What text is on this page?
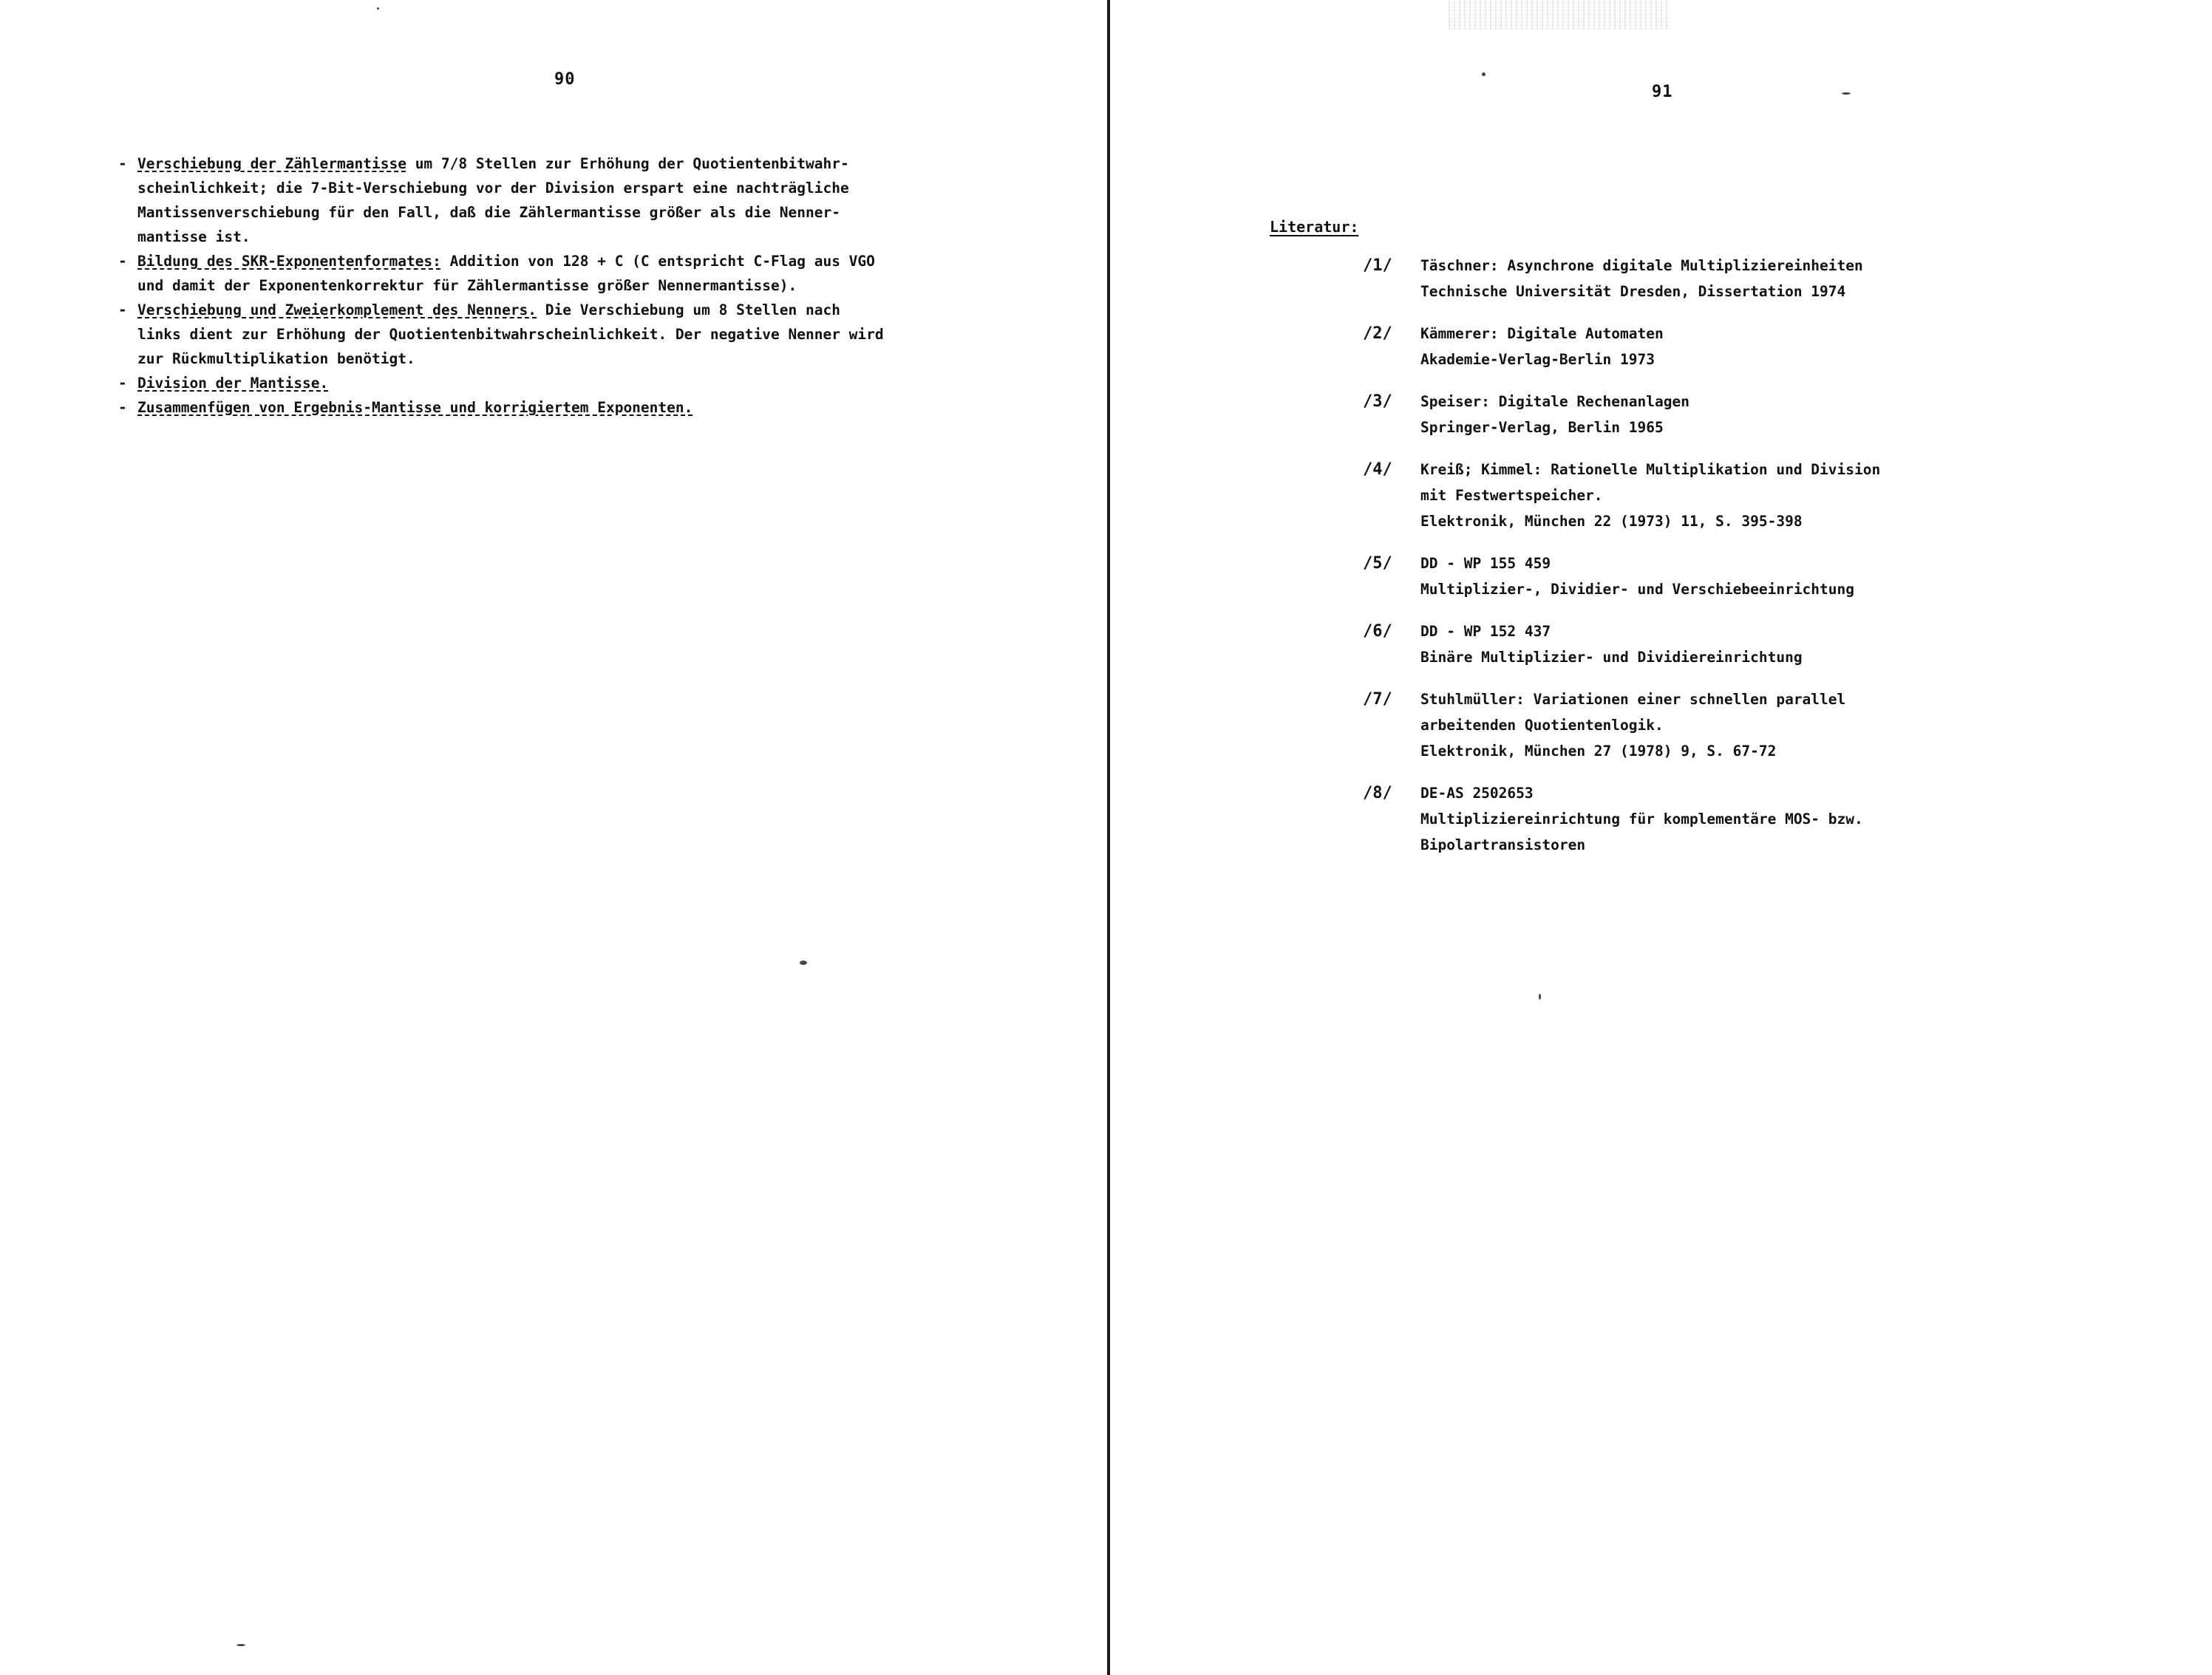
90
- Verschiebung der Zählermantisse um 7/8 Stellen zur Erhöhung der Quotientenbitwahr-
scheinlichkeit; die 7-Bit-Verschiebung vor der Division erspart eine nachträgliche
Mantissenverschiebung für den Fall, daß die Zählermantisse größer als die Nenner-
mantisse ist.
- Bildung des SKR-Exponentenformates: Addition von 128 + C (C entspricht C-Flag aus VGO
und damit der Exponentenkorrektur für Zählermantisse größer Nennermantisse).
- Verschiebung und Zweierkomplement des Nenners. Die Verschiebung um 8 Stellen nach
links dient zur Erhöhung der Quotientenbitwahrscheinlichkeit. Der negative Nenner wird
zur Rückmultiplikation benötigt.
- Division der Mantisse.
- Zusammenfügen von Ergebnis-Mantisse und korrigiertem Exponenten.
91
Literatur:
/1/ Täschner: Asynchrone digitale Multipliziereinheiten
Technische Universität Dresden, Dissertation 1974
/2/ Kämmerer: Digitale Automaten
Akademie-Verlag-Berlin 1973
/3/ Speiser: Digitale Rechenanlagen
Springer-Verlag, Berlin 1965
/4/ Kreiß; Kimmel: Rationelle Multiplikation und Division
mit Festwertspeicher.
Elektronik, München 22 (1973) 11, S. 395-398
/5/ DD - WP 155 459
Multiplizier-, Dividier- und Verschiebeeinrichtung
/6/ DD - WP 152 437
Binäre Multiplizier- und Dividiereinrichtung
/7/ Stuhlmüller: Variationen einer schnellen parallel
arbeitenden Quotientenlogik.
Elektronik, München 27 (1978) 9, S. 67-72
/8/ DE-AS 2502653
Multipliziereinrichtung für komplementäre MOS- bzw.
Bipolartransistoren
